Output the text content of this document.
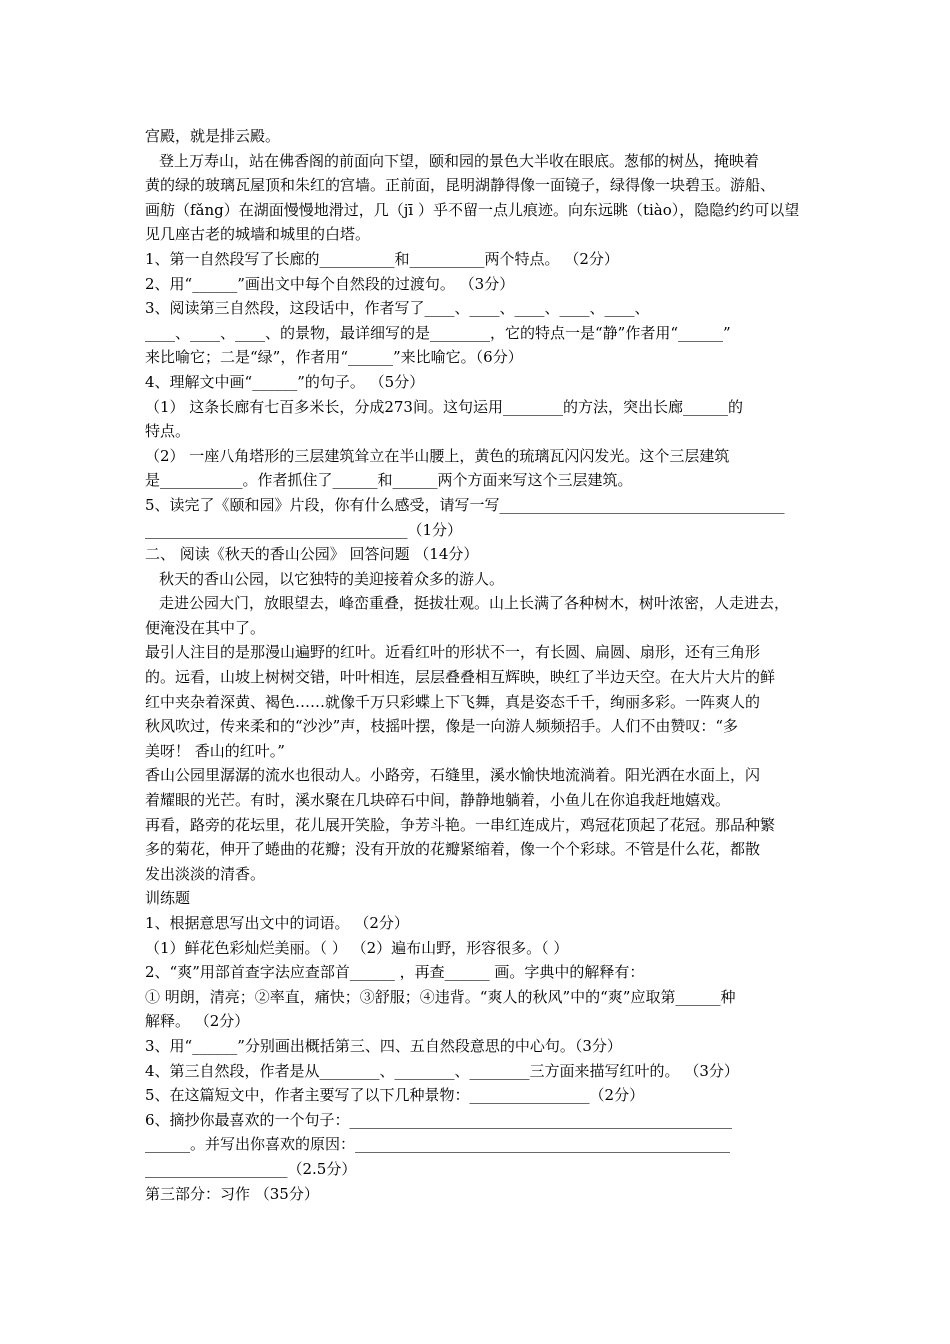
宫殿，就是排云殿。
登上万寿山，站在佛香阁的前面向下望，颐和园的景色大半收在眼底。葱郁的树丛，掩映着
黄的绿的玻璃瓦屋顶和朱红的宫墙。正前面，昆明湖静得像一面镜子，绿得像一块碧玉。游船、
画舫（fǎng）在湖面慢慢地滑过，几（jī ）乎不留一点儿痕迹。向东远眺（tiào），隐隐约约可以望
见几座古老的城墙和城里的白塔。
1、第一自然段写了长廊的__________和__________两个特点。 （2分）
2、用“______”画出文中每个自然段的过渡句。 （3分）
3、阅读第三自然段，这段话中，作者写了____、____、____、____、____、
____、____、____、的景物，最详细写的是________，它的特点一是“静”作者用“______”
来比喻它；二是“绿”，作者用“______”来比喻它。（6分）
4、理解文中画“______”的句子。 （5分）
（1） 这条长廊有七百多米长，分成273间。这句运用________的方法，突出长廊______的
特点。
（2） 一座八角塔形的三层建筑耸立在半山腰上，黄色的琉璃瓦闪闪发光。这个三层建筑
是___________。作者抓住了______和______两个方面来写这个三层建筑。
5、读完了《颐和园》片段，你有什么感受，请写一写______________________________________
___________________________________（1分）
二、 阅读《秋天的香山公园》 回答问题 （14分）
秋天的香山公园，以它独特的美迎接着众多的游人。
走进公园大门，放眼望去，峰峦重叠，挺拔壮观。山上长满了各种树木，树叶浓密，人走进去，
便淹没在其中了。
最引人注目的是那漫山遍野的红叶。近看红叶的形状不一，有长圆、扁圆、扇形，还有三角形
的。远看，山坡上树树交错，叶叶相连，层层叠叠相互辉映，映红了半边天空。在大片大片的鲜
红中夹杂着深黄、褐色……就像千万只彩蝶上下飞舞，真是姿态千千，绚丽多彩。一阵爽人的
秋风吹过，传来柔和的“沙沙”声，枝摇叶摆，像是一向游人频频招手。人们不由赞叹：“多
美呀！ 香山的红叶。”
香山公园里潺潺的流水也很动人。小路旁，石缝里，溪水愉快地流淌着。阳光洒在水面上，闪
着耀眼的光芒。有时，溪水聚在几块碎石中间，静静地躺着，小鱼儿在你追我赶地嬉戏。
再看，路旁的花坛里，花儿展开笑脸，争芳斗艳。一串红连成片，鸡冠花顶起了花冠。那品种繁
多的菊花，伸开了蜷曲的花瓣；没有开放的花瓣紧缩着，像一个个彩球。不管是什么花，都散
发出淡淡的清香。
训练题
1、根据意思写出文中的词语。 （2分）
（1）鲜花色彩灿烂美丽。（ ） （2）遍布山野，形容很多。（ ）
2、“爽”用部首查字法应查部首______ ，再查______ 画。字典中的解释有：
① 明朗，清亮；②率直，痛快；③舒服；④违背。“爽人的秋风”中的“爽”应取第______种
解释。 （2分）
3、用“______”分别画出概括第三、四、五自然段意思的中心句。（3分）
4、第三自然段，作者是从________、________、________三方面来描写红叶的。 （3分）
5、在这篇短文中，作者主要写了以下几种景物：________________（2分）
6、摘抄你最喜欢的一个句子：___________________________________________________
______。并写出你喜欢的原因：__________________________________________________
___________________（2.5分）
第三部分：习作 （35分）
